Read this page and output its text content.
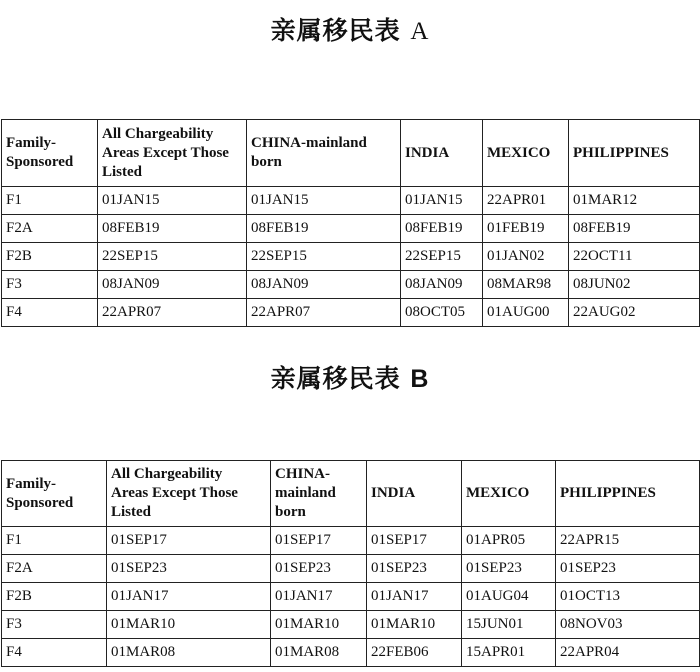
亲属移民表 A
Family-Sponsored	All Chargeability Areas Except Those Listed	CHINA-mainland born	INDIA	MEXICO	PHILIPPINES
F1	01JAN15	01JAN15	01JAN15	22APR01	01MAR12
F2A	08FEB19	08FEB19	08FEB19	01FEB19	08FEB19
F2B	22SEP15	22SEP15	22SEP15	01JAN02	22OCT11
F3	08JAN09	08JAN09	08JAN09	08MAR98	08JUN02
F4	22APR07	22APR07	08OCT05	01AUG00	22AUG02
亲属移民表 B
Family-Sponsored	All Chargeability Areas Except Those Listed	CHINA-mainland born	INDIA	MEXICO	PHILIPPINES
F1	01SEP17	01SEP17	01SEP17	01APR05	22APR15
F2A	01SEP23	01SEP23	01SEP23	01SEP23	01SEP23
F2B	01JAN17	01JAN17	01JAN17	01AUG04	01OCT13
F3	01MAR10	01MAR10	01MAR10	15JUN01	08NOV03
F4	01MAR08	01MAR08	22FEB06	15APR01	22APR04
